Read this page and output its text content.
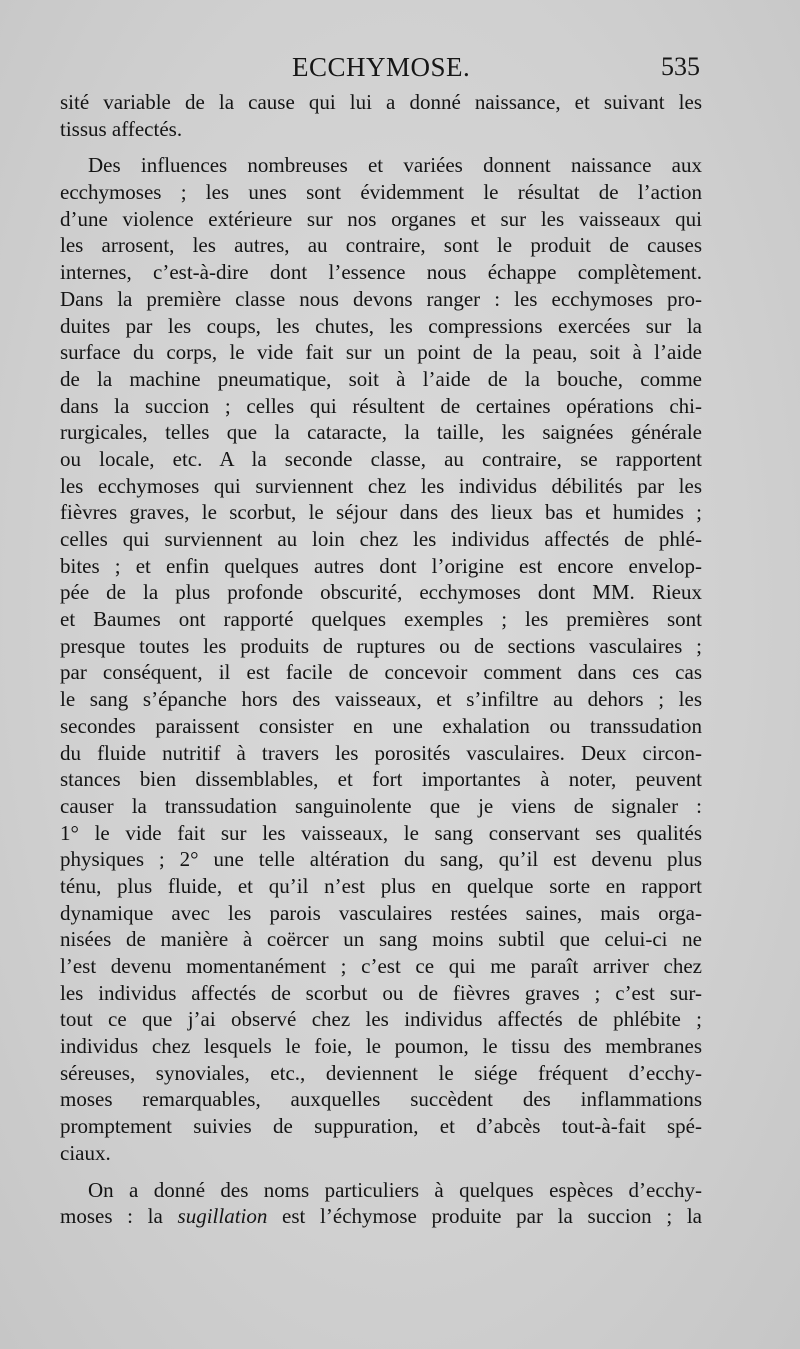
ECCHYMOSE.	535
sité variable de la cause qui lui a donné naissance, et suivant les
tissus affectés.
Des influences nombreuses et variées donnent naissance aux
ecchymoses ; les unes sont évidemment le résultat de l’action
d’une violence extérieure sur nos organes et sur les vaisseaux qui
les arrosent, les autres, au contraire, sont le produit de causes
internes, c’est-à-dire dont l’essence nous échappe complètement.
Dans la première classe nous devons ranger : les ecchymoses pro-
duites par les coups, les chutes, les compressions exercées sur la
surface du corps, le vide fait sur un point de la peau, soit à l’aide
de la machine pneumatique, soit à l’aide de la bouche, comme
dans la succion ; celles qui résultent de certaines opérations chi-
rurgicales, telles que la cataracte, la taille, les saignées générale
ou locale, etc. A la seconde classe, au contraire, se rapportent
les ecchymoses qui surviennent chez les individus débilités par les
fièvres graves, le scorbut, le séjour dans des lieux bas et humides ;
celles qui surviennent au loin chez les individus affectés de phlé-
bites ; et enfin quelques autres dont l’origine est encore envelop-
pée de la plus profonde obscurité, ecchymoses dont MM. Rieux
et Baumes ont rapporté quelques exemples ; les premières sont
presque toutes les produits de ruptures ou de sections vasculaires ;
par conséquent, il est facile de concevoir comment dans ces cas
le sang s’épanche hors des vaisseaux, et s’infiltre au dehors ; les
secondes paraissent consister en une exhalation ou transsudation
du fluide nutritif à travers les porosités vasculaires. Deux circon-
stances bien dissemblables, et fort importantes à noter, peuvent
causer la transsudation sanguinolente que je viens de signaler :
1° le vide fait sur les vaisseaux, le sang conservant ses qualités
physiques ; 2° une telle altération du sang, qu’il est devenu plus
ténu, plus fluide, et qu’il n’est plus en quelque sorte en rapport
dynamique avec les parois vasculaires restées saines, mais orga-
nisées de manière à coërcer un sang moins subtil que celui-ci ne
l’est devenu momentanément ; c’est ce qui me paraît arriver chez
les individus affectés de scorbut ou de fièvres graves ; c’est sur-
tout ce que j’ai observé chez les individus affectés de phlébite ;
individus chez lesquels le foie, le poumon, le tissu des membranes
séreuses, synoviales, etc., deviennent le siége fréquent d’ecchy-
moses remarquables, auxquelles succèdent des inflammations
promptement suivies de suppuration, et d’abcès tout-à-fait spé-
ciaux.
On a donné des noms particuliers à quelques espèces d’ecchy-
moses : la sugillation est l’échymose produite par la succion ; la
